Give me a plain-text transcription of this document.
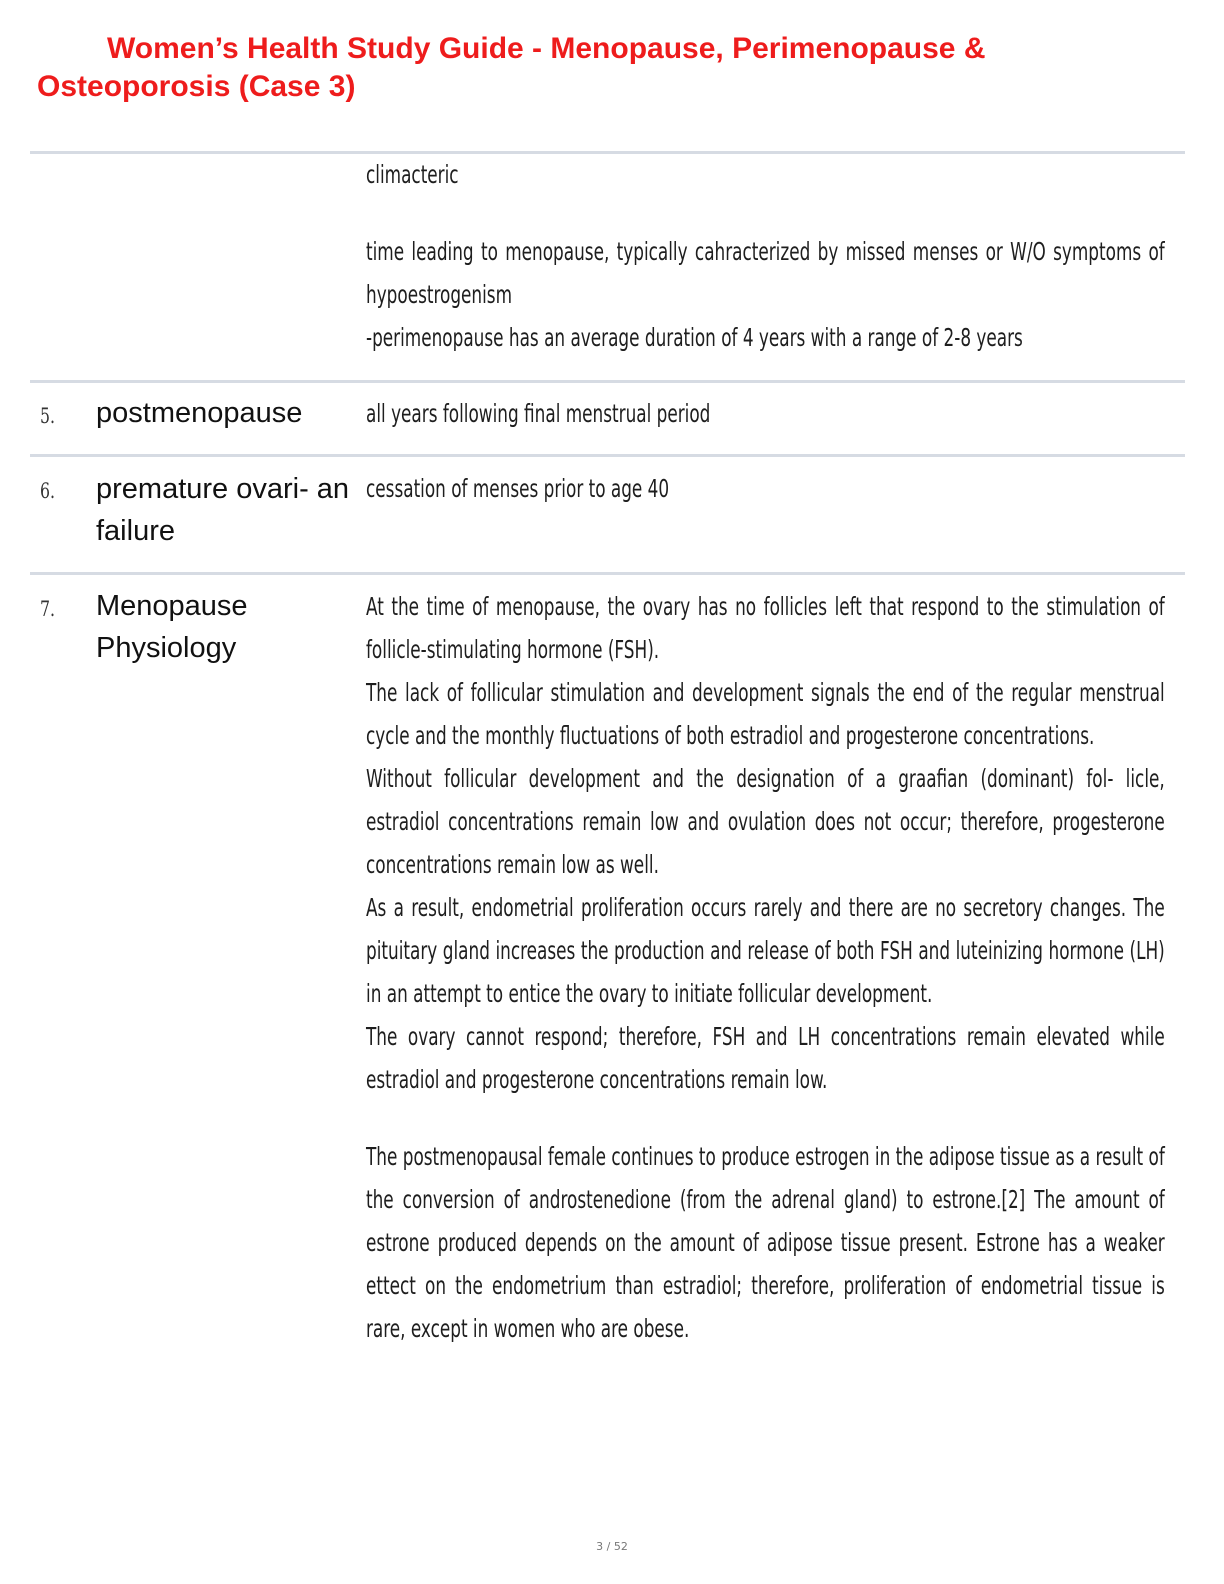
Women’s Health Study Guide - Menopause, Perimenopause &
Osteoporosis (Case 3)

climacteric

time leading to menopause, typically cahracterized by missed menses or W/O symptoms of hypoestrogenism

-perimenopause has an average duration of 4 years with a range of 2-8 years

5. postmenopause	all years following final menstrual period

6. premature ovari- an failure

cessation of menses prior to age 40

7. Menopause Physiology

At the time of menopause, the ovary has no follicles left that respond to the stimulation of follicle-stimulating hormone (FSH).

The lack of follicular stimulation and development signals the end of the regular menstrual cycle and the monthly fluctuations of both estradiol and progesterone concentrations.

Without follicular development and the designation of a graafian (dominant) fol- licle, estradiol concentrations remain low and ovulation does not occur; therefore, progesterone concentrations remain low as well.

As a result, endometrial proliferation occurs rarely and there are no secretory changes. The pituitary gland increases the production and release of both FSH and luteinizing hormone (LH) in an attempt to entice the ovary to initiate follicular development.

The ovary cannot respond; therefore, FSH and LH concentrations remain elevated while estradiol and progesterone concentrations remain low.

The postmenopausal female continues to produce estrogen in the adipose tissue as a result of the conversion of androstenedione (from the adrenal gland) to estrone.[2] The amount of estrone produced depends on the amount of adipose tissue present. Estrone has a weaker ettect on the endometrium than estradiol; therefore, proliferation of endometrial tissue is rare, except in women who are obese.

3 / 52
